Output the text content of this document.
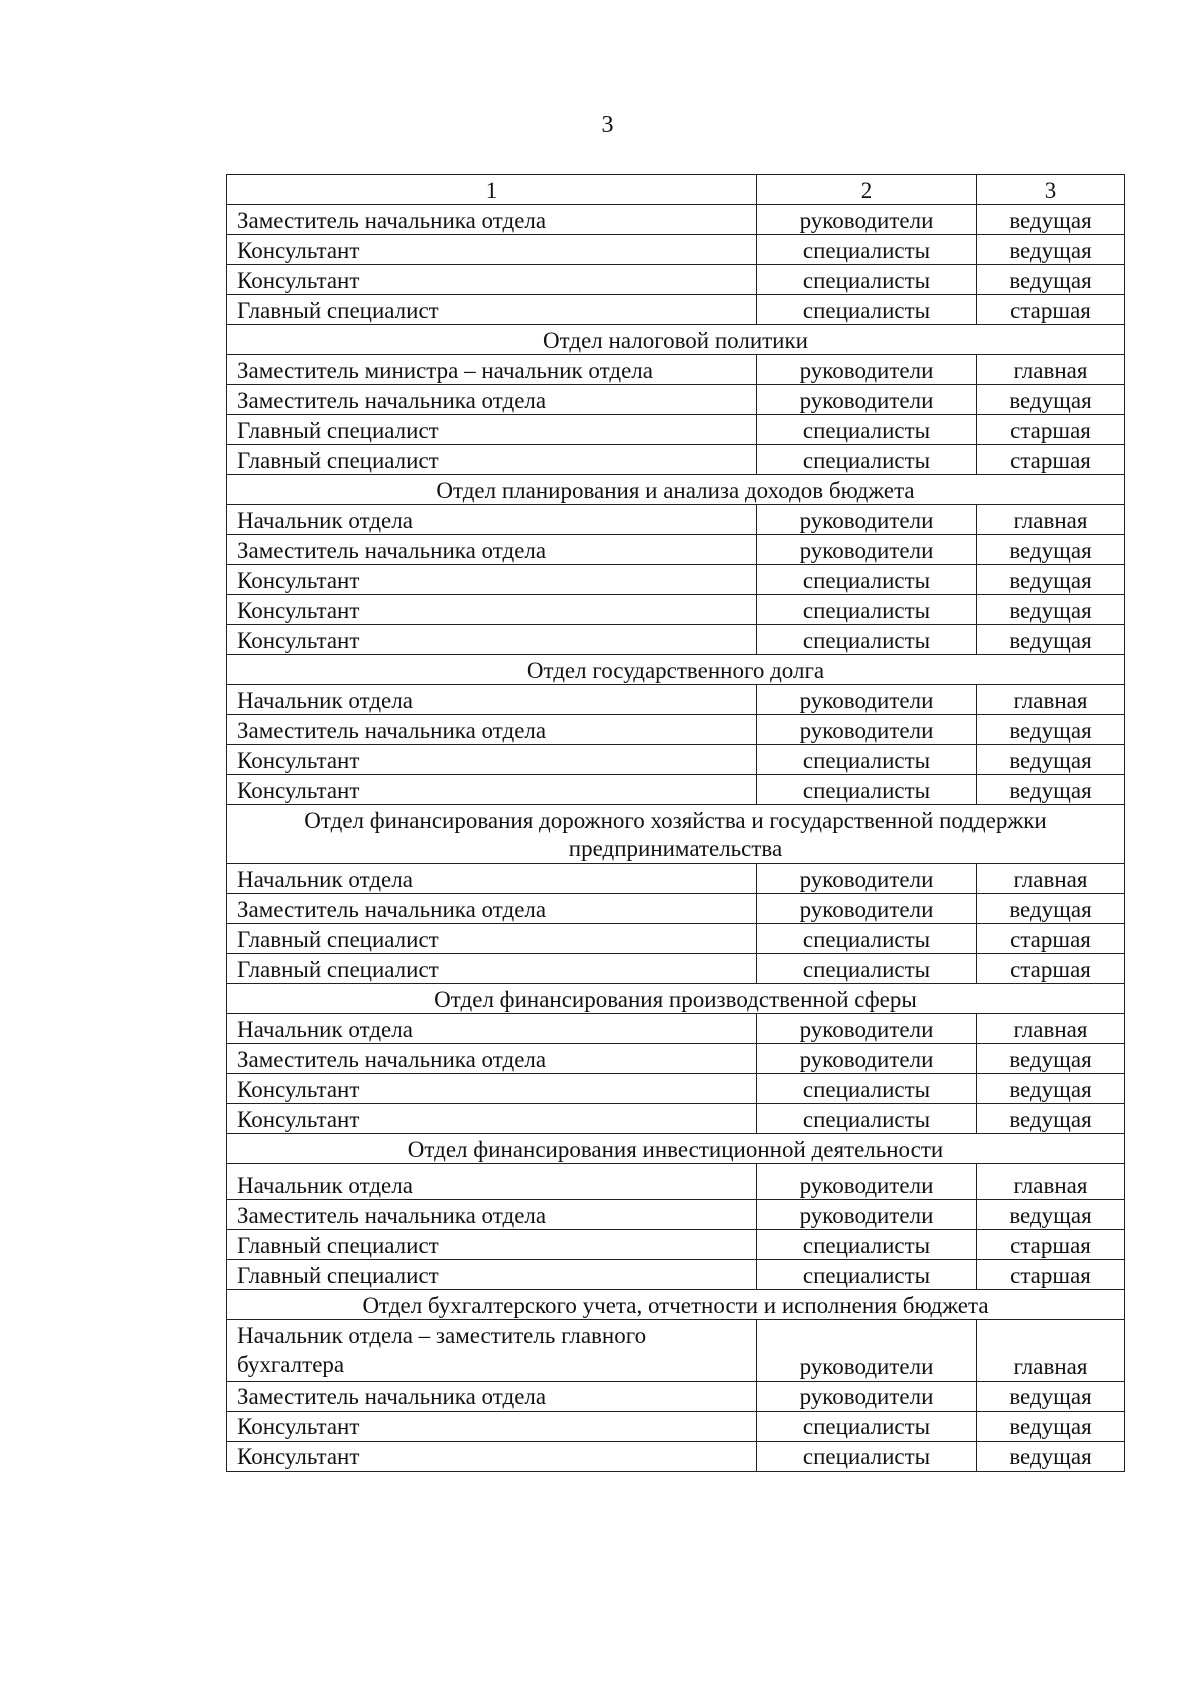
3
1	2	3
Заместитель начальника отдела	руководители	ведущая
Консультант	специалисты	ведущая
Консультант	специалисты	ведущая
Главный специалист	специалисты	старшая
Отдел налоговой политики		
Заместитель министра – начальник отдела	руководители	главная
Заместитель начальника отдела	руководители	ведущая
Главный специалист	специалисты	старшая
Главный специалист	специалисты	старшая
Отдел планирования и анализа доходов бюджета		
Начальник отдела	руководители	главная
Заместитель начальника отдела	руководители	ведущая
Консультант	специалисты	ведущая
Консультант	специалисты	ведущая
Консультант	специалисты	ведущая
Отдел государственного долга		
Начальник отдела	руководители	главная
Заместитель начальника отдела	руководители	ведущая
Консультант	специалисты	ведущая
Консультант	специалисты	ведущая
Отдел финансирования дорожного хозяйства и государственной поддержки предпринимательства		
Начальник отдела	руководители	главная
Заместитель начальника отдела	руководители	ведущая
Главный специалист	специалисты	старшая
Главный специалист	специалисты	старшая
Отдел финансирования производственной сферы		
Начальник отдела	руководители	главная
Заместитель начальника отдела	руководители	ведущая
Консультант	специалисты	ведущая
Консультант	специалисты	ведущая
Отдел финансирования инвестиционной деятельности		
Начальник отдела	руководители	главная
Заместитель начальника отдела	руководители	ведущая
Главный специалист	специалисты	старшая
Главный специалист	специалисты	старшая
Отдел бухгалтерского учета, отчетности и исполнения бюджета		
Начальник отдела – заместитель главного бухгалтера	руководители	главная
Заместитель начальника отдела	руководители	ведущая
Консультант	специалисты	ведущая
Консультант	специалисты	ведущая
